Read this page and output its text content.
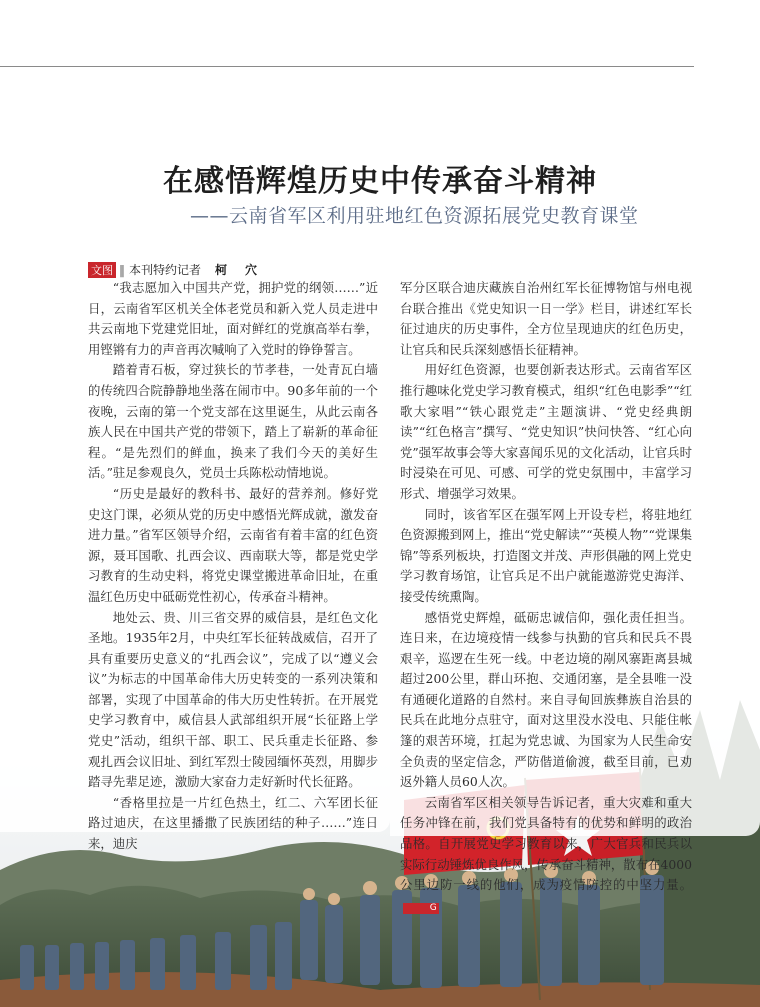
在感悟辉煌历史中传承奋斗精神
——云南省军区利用驻地红色资源拓展党史教育课堂
文图 ‖ 本刊特约记者 柯　穴

“我志愿加入中国共产党，拥护党的纲领……”近日，云南省军区机关全体老党员和新入党人员走进中共云南地下党建党旧址，面对鲜红的党旗高举右拳，用铿锵有力的声音再次喊响了入党时的铮铮誓言。

踏着青石板，穿过狭长的节孝巷，一处青瓦白墙的传统四合院静静地坐落在闹市中。90多年前的一个夜晚，云南的第一个党支部在这里诞生，从此云南各族人民在中国共产党的带领下，踏上了崭新的革命征程。“是先烈们的鲜血，换来了我们今天的美好生活。”驻足参观良久，党员士兵陈松动情地说。

“历史是最好的教科书、最好的营养剂。修好党史这门课，必须从党的历史中感悟光辉成就，激发奋进力量。”省军区领导介绍，云南省有着丰富的红色资源，聂耳国歌、扎西会议、西南联大等，都是党史学习教育的生动史料，将党史课堂搬进革命旧址，在重温红色历史中砥砺党性初心，传承奋斗精神。

地处云、贵、川三省交界的威信县，是红色文化圣地。1935年2月，中央红军长征转战威信，召开了具有重要历史意义的“扎西会议”，完成了以“遵义会议”为标志的中国革命伟大历史转变的一系列决策和部署，实现了中国革命的伟大历史性转折。在开展党史学习教育中，威信县人武部组织开展“长征路上学党史”活动，组织干部、职工、民兵重走长征路、参观扎西会议旧址、到红军烈士陵园缅怀英烈，用脚步踏寻先辈足迹，激励大家奋力走好新时代长征路。

“香格里拉是一片红色热土，红二、六军团长征路过迪庆，在这里播撒了民族团结的种子……”连日来，迪庆

军分区联合迪庆藏族自治州红军长征博物馆与州电视台联合推出《党史知识一日一学》栏目，讲述红军长征过迪庆的历史事件，全方位呈现迪庆的红色历史，让官兵和民兵深刻感悟长征精神。

用好红色资源，也要创新表达形式。云南省军区推行趣味化党史学习教育模式，组织“红色电影季”“红歌大家唱”“铁心跟党走”主题演讲、“党史经典朗读”“红色格言”撰写、“党史知识”快问快答、“红心向党”强军故事会等大家喜闻乐见的文化活动，让官兵时时浸染在可见、可感、可学的党史氛围中，丰富学习形式、增强学习效果。

同时，该省军区在强军网上开设专栏，将驻地红色资源搬到网上，推出“党史解读”“英模人物”“党课集锦”等系列板块，打造图文并茂、声形俱融的网上党史学习教育场馆，让官兵足不出户就能遨游党史海洋、接受传统熏陶。

感悟党史辉煌，砥砺忠诚信仰，强化责任担当。连日来，在边境疫情一线参与执勤的官兵和民兵不畏艰辛，巡逻在生死一线。中老边境的剐风寨距离县城超过200公里，群山环抱、交通闭塞，是全县唯一没有通硬化道路的自然村。来自寻甸回族彝族自治县的民兵在此地分点驻守，面对这里没水没电、只能住帐篷的艰苦环境，扛起为党忠诚、为国家为人民生命安全负责的坚定信念，严防偕道偷渡，截至目前，已劝返外籍人员60人次。

云南省军区相关领导告诉记者，重大灾难和重大任务冲锋在前，我们党具备特有的优势和鲜明的政治品格。自开展党史学习教育以来，广大官兵和民兵以实际行动锤炼优良作风，传承奋斗精神，散布在4000公里边防一线的他们，成为疫情防控的中坚力量。G
